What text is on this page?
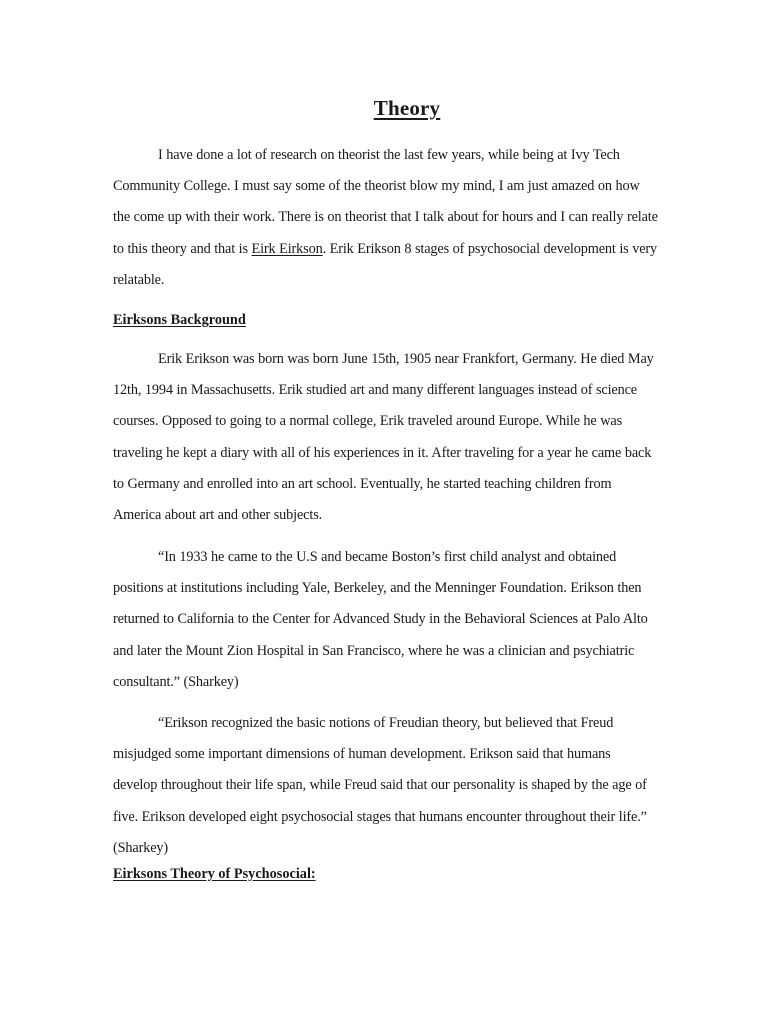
Theory

I have done a lot of research on theorist the last few years, while being at Ivy Tech Community College. I must say some of the theorist blow my mind, I am just amazed on how the come up with their work. There is on theorist that I talk about for hours and I can really relate to this theory and that is Eirk Eirkson. Erik Erikson 8 stages of psychosocial development is very relatable.

Eirksons Background

Erik Erikson was born was born June 15th, 1905 near Frankfort, Germany. He died May 12th, 1994 in Massachusetts. Erik studied art and many different languages instead of science courses. Opposed to going to a normal college, Erik traveled around Europe. While he was traveling he kept a diary with all of his experiences in it. After traveling for a year he came back to Germany and enrolled into an art school. Eventually, he started teaching children from America about art and other subjects.

“In 1933 he came to the U.S and became Boston’s first child analyst and obtained positions at institutions including Yale, Berkeley, and the Menninger Foundation. Erikson then returned to California to the Center for Advanced Study in the Behavioral Sciences at Palo Alto and later the Mount Zion Hospital in San Francisco, where he was a clinician and psychiatric consultant.” (Sharkey)

“Erikson recognized the basic notions of Freudian theory, but believed that Freud misjudged some important dimensions of human development. Erikson said that humans develop throughout their life span, while Freud said that our personality is shaped by the age of five. Erikson developed eight psychosocial stages that humans encounter throughout their life.” (Sharkey)

Eirksons Theory of Psychosocial:
